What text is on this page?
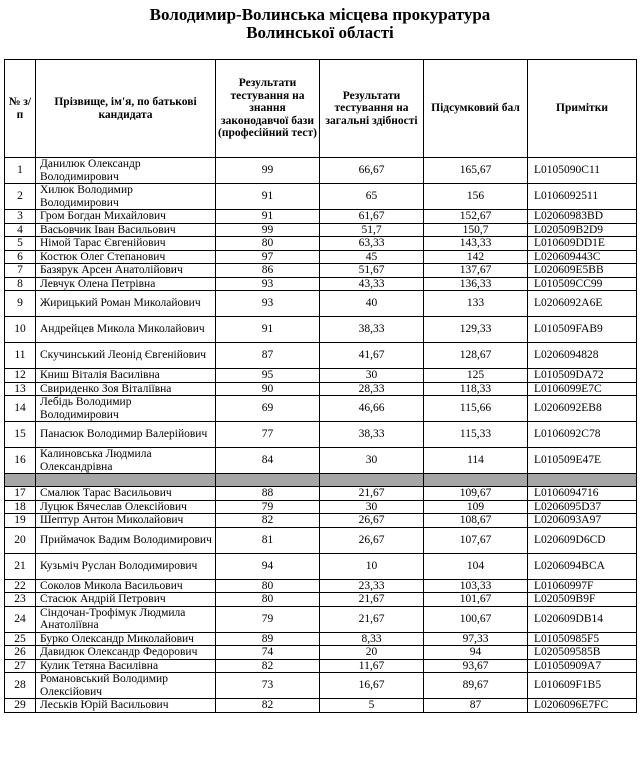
Володимир-Волинська місцева прокуратура
Волинської області
№ з/п	Прізвище, ім'я, по батькові кандидата	Результати тестування на знання законодавчої бази (професійний тест)	Результати тестування на загальні здібності	Підсумковий бал	Примітки
1	Данилюк Олександр Володимирович	99	66,67	165,67	L0105090C11
2	Хилюк Володимир Володимирович	91	65	156	L0106092511
3	Гром Богдан Михайлович	91	61,67	152,67	L02060983BD
4	Васьовчик Іван Васильович	99	51,7	150,7	L020509B2D9
5	Німой Тарас Євгенійович	80	63,33	143,33	L010609DD1E
6	Костюк Олег Степанович	97	45	142	L020609443C
7	Базярук Арсен Анатолійович	86	51,67	137,67	L020609E5BB
8	Левчук Олена Петрівна	93	43,33	136,33	L010509CC99
9	Жирицький Роман Миколайович	93	40	133	L0206092A6E
10	Андрейцев Микола Миколайович	91	38,33	129,33	L010509FAB9
11	Скучинський Леонід Євгенійович	87	41,67	128,67	L0206094828
12	Книш Віталія Василівна	95	30	125	L010509DA72
13	Свириденко Зоя Віталіївна	90	28,33	118,33	L0106099E7C
14	Лебідь Володимир Володимирович	69	46,66	115,66	L0206092EB8
15	Панасюк Володимир Валерійович	77	38,33	115,33	L0106092C78
16	Калиновська Людмила Олександрівна	84	30	114	L010509E47E

17	Смалюк Тарас Васильович	88	21,67	109,67	L0106094716
18	Луцюк Вячеслав Олексійович	79	30	109	L0206095D37
19	Шептур Антон Миколайович	82	26,67	108,67	L0206093A97
20	Приймачок Вадим Володимирович	81	26,67	107,67	L020609D6CD
21	Кузьміч Руслан Володимирович	94	10	104	L0206094BCA
22	Соколов Микола Васильович	80	23,33	103,33	L01060997F
23	Стасюк Андрій Петрович	80	21,67	101,67	L020509B9F
24	Сіндочан-Трофімук Людмила Анатоліївна	79	21,67	100,67	L020609DB14
25	Бурко Олександр Миколайович	89	8,33	97,33	L01050985F5
26	Давидюк Олександр Федорович	74	20	94	L020509585B
27	Кулик Тетяна Василівна	82	11,67	93,67	L01050909A7
28	Романовський Володимир Олексійович	73	16,67	89,67	L010609F1B5
29	Леськів Юрій Васильович	82	5	87	L0206096E7FC
